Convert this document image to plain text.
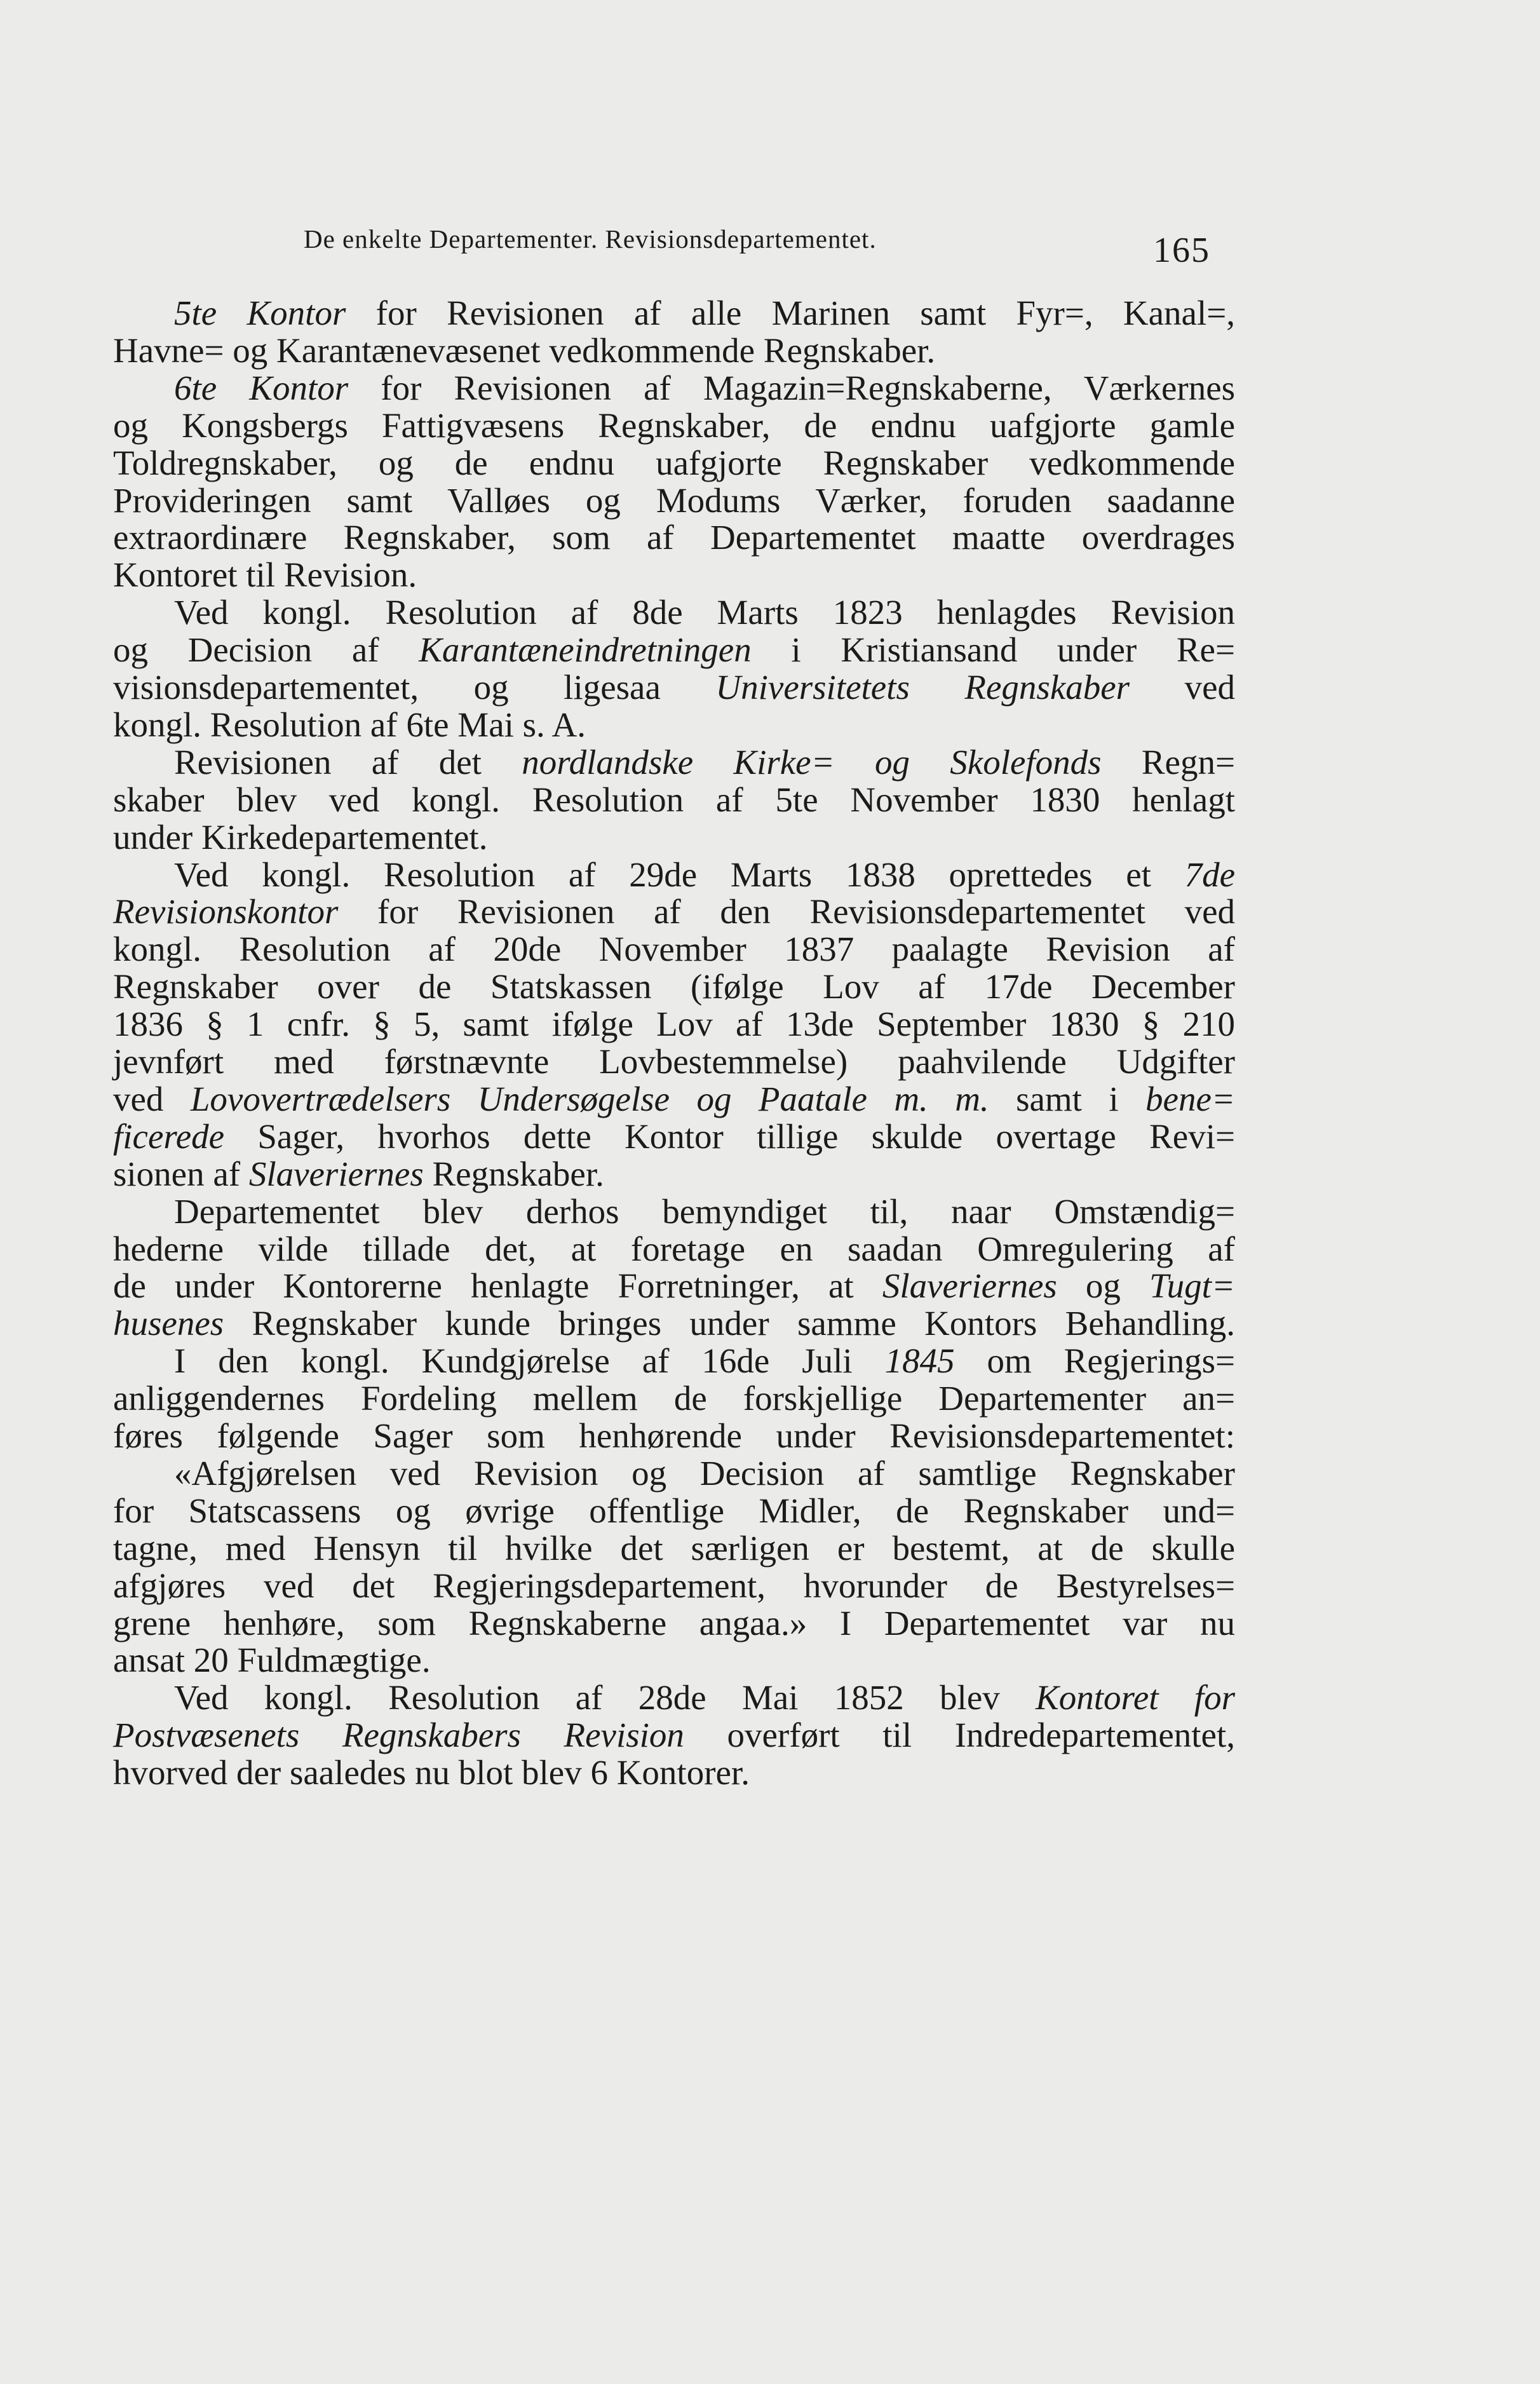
De enkelte Departementer. Revisionsdepartementet.	165
5te Kontor for Revisionen af alle Marinen samt Fyr=, Kanal=,
Havne= og Karantænevæsenet vedkommende Regnskaber.
6te Kontor for Revisionen af Magazin=Regnskaberne, Værkernes
og Kongsbergs Fattigvæsens Regnskaber, de endnu uafgjorte gamle
Toldregnskaber, og de endnu uafgjorte Regnskaber vedkommende
Provideringen samt Valløes og Modums Værker, foruden saadanne
extraordinære Regnskaber, som af Departementet maatte overdrages
Kontoret til Revision.
Ved kongl. Resolution af 8de Marts 1823 henlagdes Revision
og Decision af Karantæneindretningen i Kristiansand under Re=
visionsdepartementet, og ligesaa Universitetets Regnskaber ved
kongl. Resolution af 6te Mai s. A.
Revisionen af det nordlandske Kirke= og Skolefonds Regn=
skaber blev ved kongl. Resolution af 5te November 1830 henlagt
under Kirkedepartementet.
Ved kongl. Resolution af 29de Marts 1838 oprettedes et 7de
Revisionskontor for Revisionen af den Revisionsdepartementet ved
kongl. Resolution af 20de November 1837 paalagte Revision af
Regnskaber over de Statskassen (ifølge Lov af 17de December
1836 § 1 cnfr. § 5, samt ifølge Lov af 13de September 1830 § 210
jevnført med førstnævnte Lovbestemmelse) paahvilende Udgifter
ved Lovovertrædelsers Undersøgelse og Paatale m. m. samt i bene=
ficerede Sager, hvorhos dette Kontor tillige skulde overtage Revi=
sionen af Slaveriernes Regnskaber.
Departementet blev derhos bemyndiget til, naar Omstændig=
hederne vilde tillade det, at foretage en saadan Omregulering af
de under Kontorerne henlagte Forretninger, at Slaveriernes og Tugt=
husenes Regnskaber kunde bringes under samme Kontors Behandling.
I den kongl. Kundgjørelse af 16de Juli 1845 om Regjerings=
anliggendernes Fordeling mellem de forskjellige Departementer an=
føres følgende Sager som henhørende under Revisionsdepartementet:
«Afgjørelsen ved Revision og Decision af samtlige Regnskaber
for Statscassens og øvrige offentlige Midler, de Regnskaber und=
tagne, med Hensyn til hvilke det særligen er bestemt, at de skulle
afgjøres ved det Regjeringsdepartement, hvorunder de Bestyrelses=
grene henhøre, som Regnskaberne angaa.» I Departementet var nu
ansat 20 Fuldmægtige.
Ved kongl. Resolution af 28de Mai 1852 blev Kontoret for
Postvæsenets Regnskabers Revision overført til Indredepartementet,
hvorved der saaledes nu blot blev 6 Kontorer.
